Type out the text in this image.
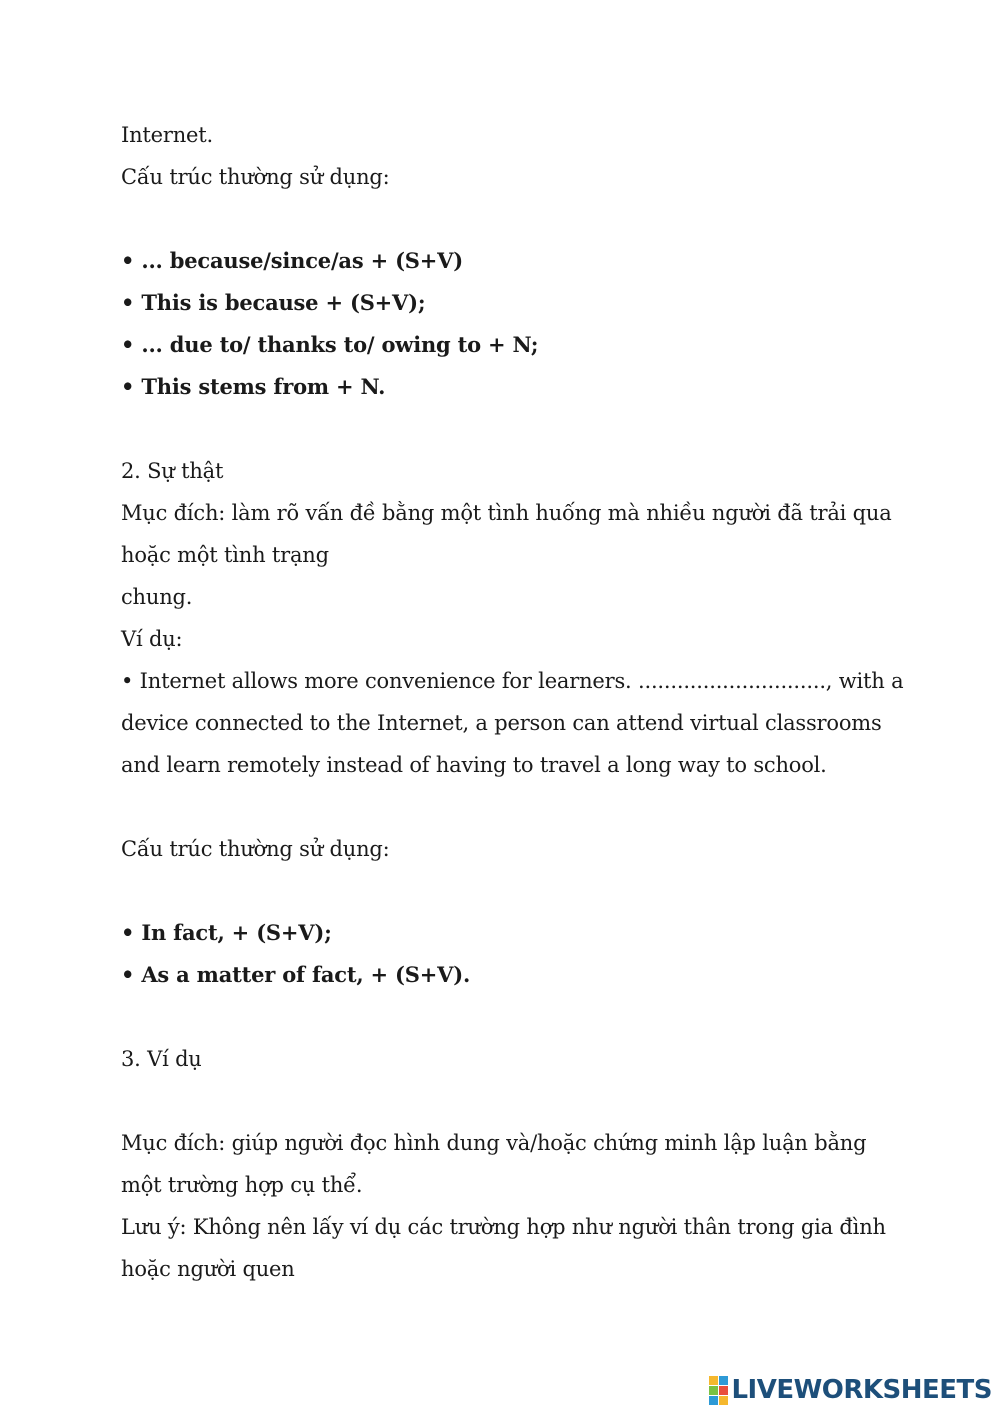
Internet.
Cấu trúc thường sử dụng:
• ... because/since/as + (S+V)
• This is because + (S+V);
• ... due to/ thanks to/ owing to + N;
• This stems from + N.
2. Sự thật
Mục đích: làm rõ vấn đề bằng một tình huống mà nhiều người đã trải qua
hoặc một tình trạng
chung.
Ví dụ:
• Internet allows more convenience for learners. ............................., with a
device connected to the Internet, a person can attend virtual classrooms
and learn remotely instead of having to travel a long way to school.
Cấu trúc thường sử dụng:
• In fact, + (S+V);
• As a matter of fact, + (S+V).
3. Ví dụ
Mục đích: giúp người đọc hình dung và/hoặc chứng minh lập luận bằng
một trường hợp cụ thể.
Lưu ý: Không nên lấy ví dụ các trường hợp như người thân trong gia đình
hoặc người quen
LIVEWORKSHEETS
